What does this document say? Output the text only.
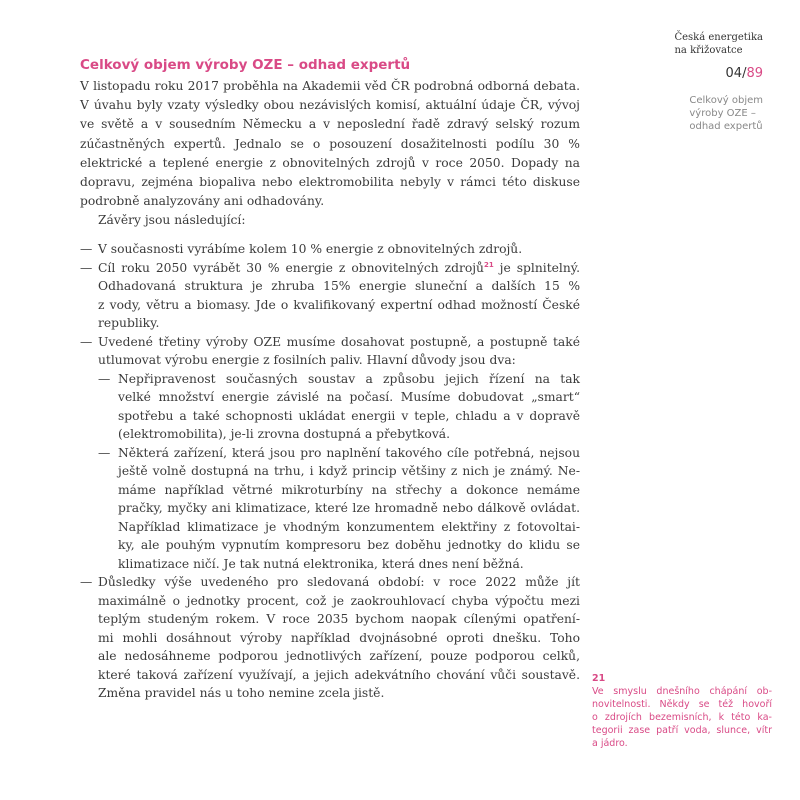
Česká energetika
na křižovatce
04/89
Celkový objem
výroby OZE –
odhad expertů
Celkový objem výroby OZE – odhad expertů
V listopadu roku 2017 proběhla na Akademii věd ČR podrobná odborná debata.
V úvahu byly vzaty výsledky obou nezávislých komisí, aktuální údaje ČR, vývoj
ve světě a v sousedním Německu a v neposlední řadě zdravý selský rozum
zúčastněných expertů. Jednalo se o posouzení dosažitelnosti podílu 30 %
elektrické a teplené energie z obnovitelných zdrojů v roce 2050. Dopady na
dopravu, zejména biopaliva nebo elektromobilita nebyly v rámci této diskuse
podrobně analyzovány ani odhadovány.
Závěry jsou následující:
— V současnosti vyrábíme kolem 10 % energie z obnovitelných zdrojů.
— Cíl roku 2050 vyrábět 30 % energie z obnovitelných zdrojů$^{21}$ je splnitelný.
Odhadovaná struktura je zhruba 15% energie sluneční a dalších 15 %
z vody, větru a biomasy. Jde o kvalifikovaný expertní odhad možností České
republiky.
— Uvedené třetiny výroby OZE musíme dosahovat postupně, a postupně také
utlumovat výrobu energie z fosilních paliv. Hlavní důvody jsou dva:
— Nepřipravenost současných soustav a způsobu jejich řízení na tak
velké množství energie závislé na počasí. Musíme dobudovat „smart“
spotřebu a také schopnosti ukládat energii v teple, chladu a v dopravě
(elektromobilita), je-li zrovna dostupná a přebytková.
— Některá zařízení, která jsou pro naplnění takového cíle potřebná, nejsou
ještě volně dostupná na trhu, i když princip většiny z nich je známý. Ne-
máme například větrné mikroturbíny na střechy a dokonce nemáme
pračky, myčky ani klimatizace, které lze hromadně nebo dálkově ovládat.
Například klimatizace je vhodným konzumentem elektřiny z fotovoltai-
ky, ale pouhým vypnutím kompresoru bez doběhu jednotky do klidu se
klimatizace ničí. Je tak nutná elektronika, která dnes není běžná.
— Důsledky výše uvedeného pro sledovaná období: v roce 2022 může jít
maximálně o jednotky procent, což je zaokrouhlovací chyba výpočtu mezi
teplým studeným rokem. V roce 2035 bychom naopak cílenými opatření-
mi mohli dosáhnout výroby například dvojnásobné oproti dnešku. Toho
ale nedosáhneme podporou jednotlivých zařízení, pouze podporou celků,
které taková zařízení využívají, a jejich adekvátního chování vůči soustavě.
Změna pravidel nás u toho nemine zcela jistě.
21
Ve smyslu dnešního chápání ob-
novitelnosti. Někdy se též hovoří
o zdrojích bezemisních, k této ka-
tegorii zase patří voda, slunce, vítr
a jádro.
